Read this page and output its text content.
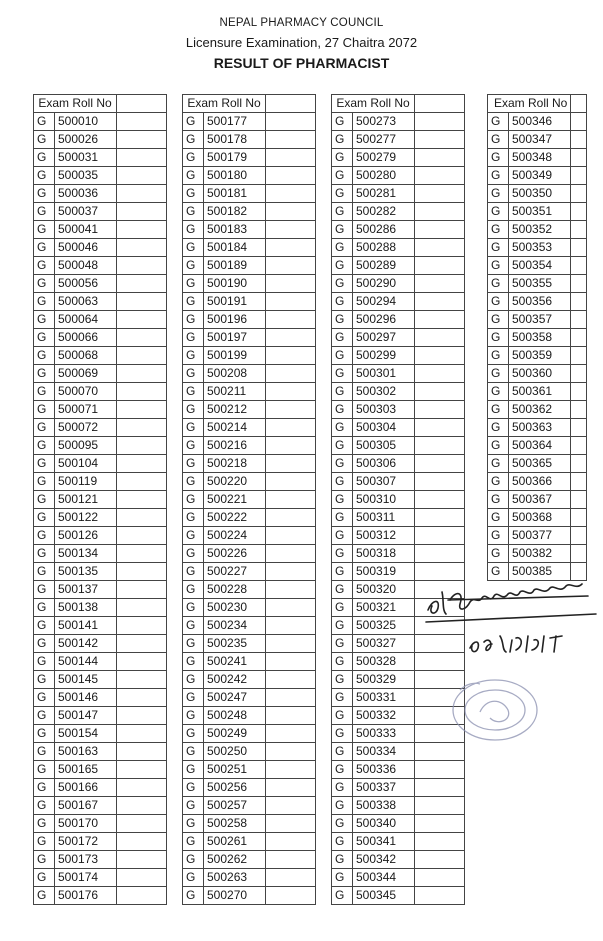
NEPAL PHARMACY COUNCIL
Licensure Examination, 27 Chaitra 2072
RESULT OF PHARMACIST
Exam Roll No		
G	500010	
G	500026	
G	500031	
G	500035	
G	500036	
G	500037	
G	500041	
G	500046	
G	500048	
G	500056	
G	500063	
G	500064	
G	500066	
G	500068	
G	500069	
G	500070	
G	500071	
G	500072	
G	500095	
G	500104	
G	500119	
G	500121	
G	500122	
G	500126	
G	500134	
G	500135	
G	500137	
G	500138	
G	500141	
G	500142	
G	500144	
G	500145	
G	500146	
G	500147	
G	500154	
G	500163	
G	500165	
G	500166	
G	500167	
G	500170	
G	500172	
G	500173	
G	500174	
G	500176	
Exam Roll No		
G	500177	
G	500178	
G	500179	
G	500180	
G	500181	
G	500182	
G	500183	
G	500184	
G	500189	
G	500190	
G	500191	
G	500196	
G	500197	
G	500199	
G	500208	
G	500211	
G	500212	
G	500214	
G	500216	
G	500218	
G	500220	
G	500221	
G	500222	
G	500224	
G	500226	
G	500227	
G	500228	
G	500230	
G	500234	
G	500235	
G	500241	
G	500242	
G	500247	
G	500248	
G	500249	
G	500250	
G	500251	
G	500256	
G	500257	
G	500258	
G	500261	
G	500262	
G	500263	
G	500270	
Exam Roll No		
G	500273	
G	500277	
G	500279	
G	500280	
G	500281	
G	500282	
G	500286	
G	500288	
G	500289	
G	500290	
G	500294	
G	500296	
G	500297	
G	500299	
G	500301	
G	500302	
G	500303	
G	500304	
G	500305	
G	500306	
G	500307	
G	500310	
G	500311	
G	500312	
G	500318	
G	500319	
G	500320	
G	500321	
G	500325	
G	500327	
G	500328	
G	500329	
G	500331	
G	500332	
G	500333	
G	500334	
G	500336	
G	500337	
G	500338	
G	500340	
G	500341	
G	500342	
G	500344	
G	500345	
Exam Roll No		
G	500346	
G	500347	
G	500348	
G	500349	
G	500350	
G	500351	
G	500352	
G	500353	
G	500354	
G	500355	
G	500356	
G	500357	
G	500358	
G	500359	
G	500360	
G	500361	
G	500362	
G	500363	
G	500364	
G	500365	
G	500366	
G	500367	
G	500368	
G	500377	
G	500382	
G	500385	
